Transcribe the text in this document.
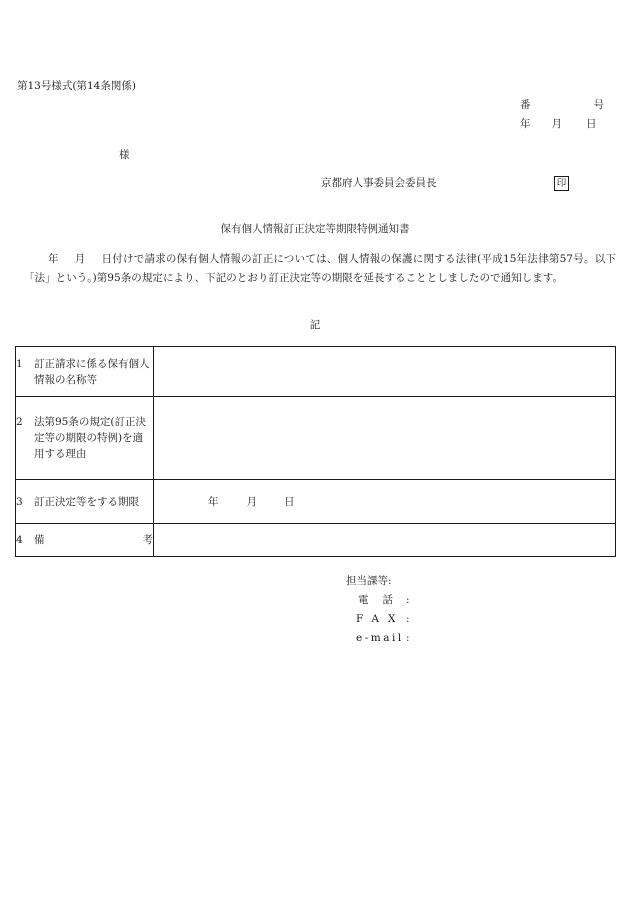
第13号様式(第14条関係)
番	号
年 月 日
様
京都府人事委員会委員長	印
保有個人情報訂正決定等期限特例通知書
年 月 日付けで請求の保有個人情報の訂正については、個人情報の保護に関する法律(平成15年法律第57号。以下「法」という。)第95条の規定により、下記のとおり訂正決定等の期限を延長することとしましたので通知します。
記
1 訂正請求に係る保有個人情報の名称等	

2 法第95条の規定(訂正決定等の期限の特例)を適用する理由	

3 訂正決定等をする期限	年 月 日

4 備 考	

担当課等:
電話 :
FAX :
e-mail :
